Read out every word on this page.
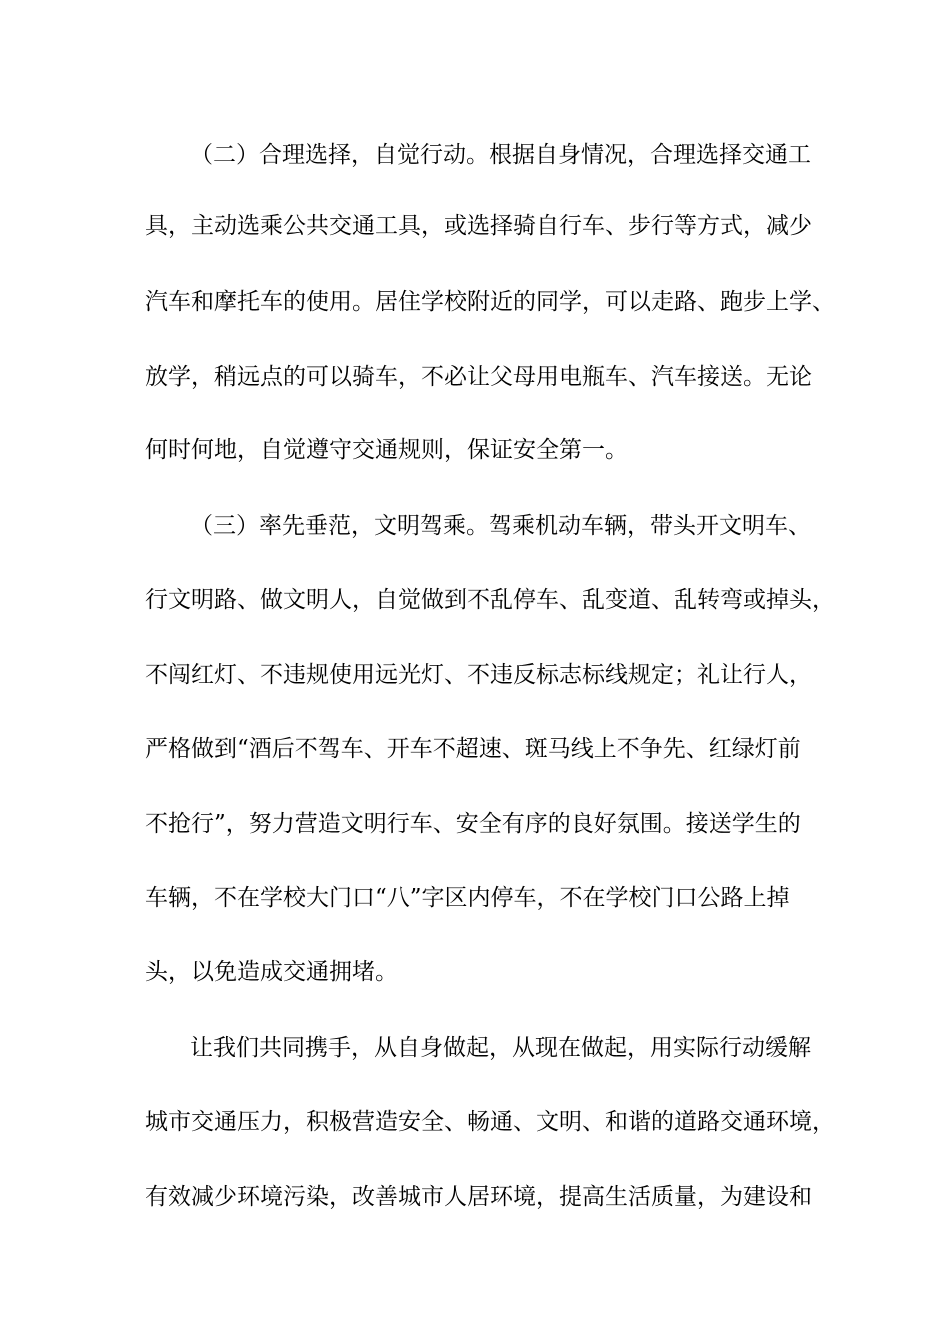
（二）合理选择，自觉行动。根据自身情况，合理选择交通工
具，主动选乘公共交通工具，或选择骑自行车、步行等方式，减少
汽车和摩托车的使用。居住学校附近的同学，可以走路、跑步上学、
放学，稍远点的可以骑车，不必让父母用电瓶车、汽车接送。无论
何时何地，自觉遵守交通规则，保证安全第一。
（三）率先垂范，文明驾乘。驾乘机动车辆，带头开文明车、
行文明路、做文明人，自觉做到不乱停车、乱变道、乱转弯或掉头，
不闯红灯、不违规使用远光灯、不违反标志标线规定；礼让行人，
严格做到“酒后不驾车、开车不超速、斑马线上不争先、红绿灯前
不抢行”，努力营造文明行车、安全有序的良好氛围。接送学生的
车辆，不在学校大门口“八”字区内停车，不在学校门口公路上掉
头，以免造成交通拥堵。
让我们共同携手，从自身做起，从现在做起，用实际行动缓解
城市交通压力，积极营造安全、畅通、文明、和谐的道路交通环境，
有效减少环境污染，改善城市人居环境，提高生活质量，为建设和
